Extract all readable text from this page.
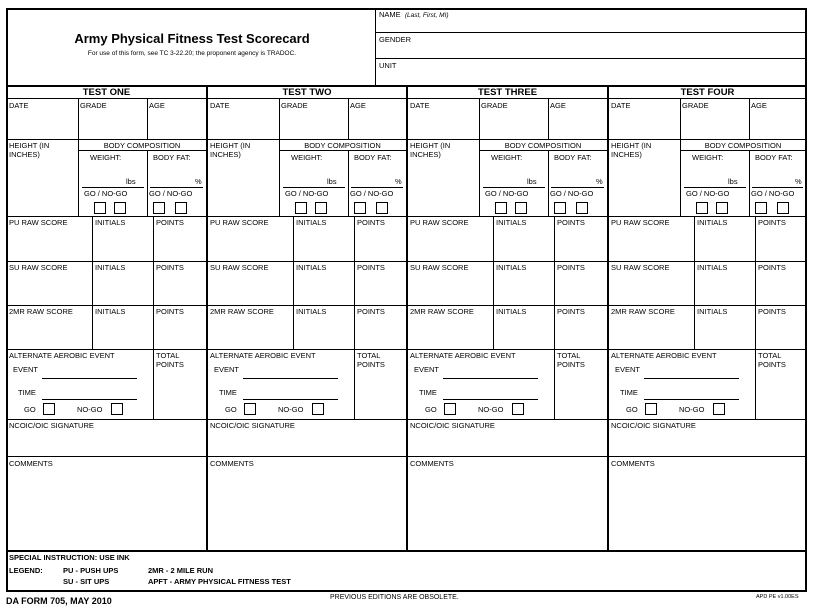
Army Physical Fitness Test Scorecard
For use of this form, see TC 3-22.20; the proponent agency is TRADOC.
NAME (Last, First, MI)
GENDER
UNIT
TEST ONE
DATE	GRADE	AGE
HEIGHT (IN
INCHES)
BODY COMPOSITION
WEIGHT:	BODY FAT:
lbs	%
GO / NO-GO	GO / NO-GO
PU RAW SCORE	INITIALS	POINTS
SU RAW SCORE	INITIALS	POINTS
2MR RAW SCORE	INITIALS	POINTS
ALTERNATE AEROBIC EVENT	TOTAL
POINTS
EVENT
TIME
GO	NO-GO
NCOIC/OIC SIGNATURE
COMMENTS
TEST TWO
DATE	GRADE	AGE
HEIGHT (IN
INCHES)
BODY COMPOSITION
WEIGHT:	BODY FAT:
lbs	%
GO / NO-GO	GO / NO-GO
PU RAW SCORE	INITIALS	POINTS
SU RAW SCORE	INITIALS	POINTS
2MR RAW SCORE	INITIALS	POINTS
ALTERNATE AEROBIC EVENT	TOTAL
POINTS
EVENT
TIME
GO	NO-GO
NCOIC/OIC SIGNATURE
COMMENTS
TEST THREE
DATE	GRADE	AGE
HEIGHT (IN
INCHES)
BODY COMPOSITION
WEIGHT:	BODY FAT:
lbs	%
GO / NO-GO	GO / NO-GO
PU RAW SCORE	INITIALS	POINTS
SU RAW SCORE	INITIALS	POINTS
2MR RAW SCORE	INITIALS	POINTS
ALTERNATE AEROBIC EVENT	TOTAL
POINTS
EVENT
TIME
GO	NO-GO
NCOIC/OIC SIGNATURE
COMMENTS
TEST FOUR
DATE	GRADE	AGE
HEIGHT (IN
INCHES)
BODY COMPOSITION
WEIGHT:	BODY FAT:
lbs	%
GO / NO-GO	GO / NO-GO
PU RAW SCORE	INITIALS	POINTS
SU RAW SCORE	INITIALS	POINTS
2MR RAW SCORE	INITIALS	POINTS
ALTERNATE AEROBIC EVENT	TOTAL
POINTS
EVENT
TIME
GO	NO-GO
NCOIC/OIC SIGNATURE
COMMENTS
SPECIAL INSTRUCTION: USE INK
LEGEND:	PU - PUSH UPS
SU - SIT UPS
2MR - 2 MILE RUN
APFT - ARMY PHYSICAL FITNESS TEST
DA FORM 705, MAY 2010	PREVIOUS EDITIONS ARE OBSOLETE.	APD PE v1.00ES
